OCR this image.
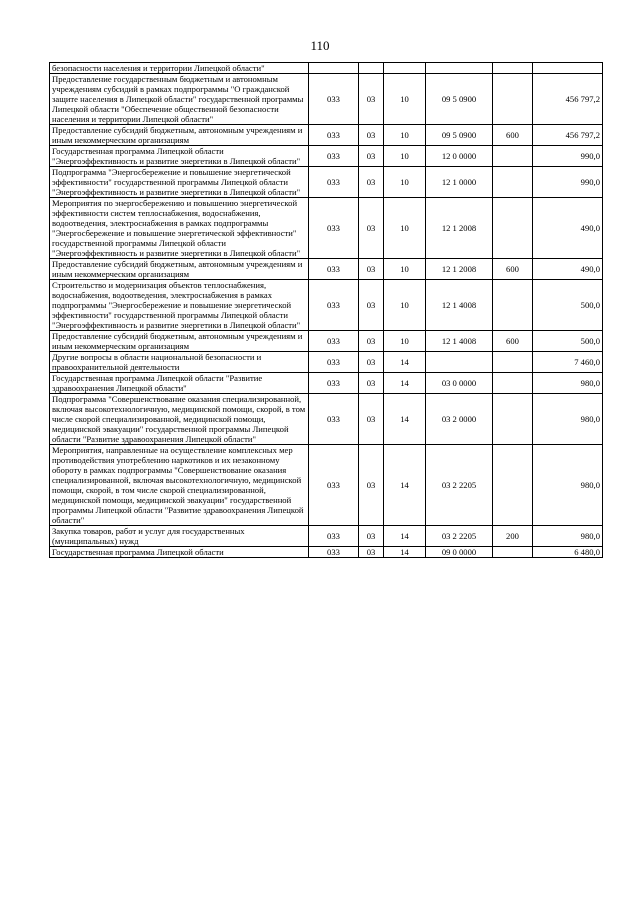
110
безопасности населения и территории Липецкой области"						
Предоставление государственным бюджетным и автономным учреждениям субсидий в рамках подпрограммы "О гражданской защите населения в Липецкой области" государственной программы Липецкой области "Обеспечение общественной безопасности населения и территории Липецкой области"	033	03	10	09 5 0900		456 797,2
Предоставление субсидий бюджетным, автономным учреждениям и иным некоммерческим организациям	033	03	10	09 5 0900	600	456 797,2
Государственная программа Липецкой области "Энергоэффективность и развитие энергетики в Липецкой области"	033	03	10	12 0 0000		990,0
Подпрограмма "Энергосбережение и повышение энергетической эффективности" государственной программы Липецкой области "Энергоэффективность и развитие энергетики в Липецкой области"	033	03	10	12 1 0000		990,0
Мероприятия по энергосбережению и повышению энергетической эффективности систем теплоснабжения, водоснабжения, водоотведения, электроснабжения в рамках подпрограммы "Энергосбережение и повышение энергетической эффективности" государственной программы Липецкой области "Энергоэффективность и развитие энергетики в Липецкой области"	033	03	10	12 1 2008		490,0
Предоставление субсидий бюджетным, автономным учреждениям и иным некоммерческим организациям	033	03	10	12 1 2008	600	490,0
Строительство и модернизация объектов теплоснабжения, водоснабжения, водоотведения, электроснабжения в рамках подпрограммы "Энергосбережение и повышение энергетической эффективности" государственной программы Липецкой области "Энергоэффективность и развитие энергетики в Липецкой области"	033	03	10	12 1 4008		500,0
Предоставление субсидий бюджетным, автономным учреждениям и иным некоммерческим организациям	033	03	10	12 1 4008	600	500,0
Другие вопросы в области национальной безопасности и правоохранительной деятельности	033	03	14			7 460,0
Государственная программа Липецкой области "Развитие здравоохранения Липецкой области"	033	03	14	03 0 0000		980,0
Подпрограмма "Совершенствование оказания специализированной, включая высокотехнологичную, медицинской помощи, скорой, в том числе скорой специализированной, медицинской помощи, медицинской эвакуации" государственной программы Липецкой области "Развитие здравоохранения Липецкой области"	033	03	14	03 2 0000		980,0
Мероприятия, направленные на осуществление комплексных мер противодействия употреблению наркотиков и их незаконному обороту в рамках подпрограммы "Совершенствование оказания специализированной, включая высокотехнологичную, медицинской помощи, скорой, в том числе скорой специализированной, медицинской помощи, медицинской эвакуации" государственной программы Липецкой области "Развитие здравоохранения Липецкой области"	033	03	14	03 2 2205		980,0
Закупка товаров, работ и услуг для государственных (муниципальных) нужд	033	03	14	03 2 2205	200	980,0
Государственная программа Липецкой области	033	03	14	09 0 0000		6 480,0
